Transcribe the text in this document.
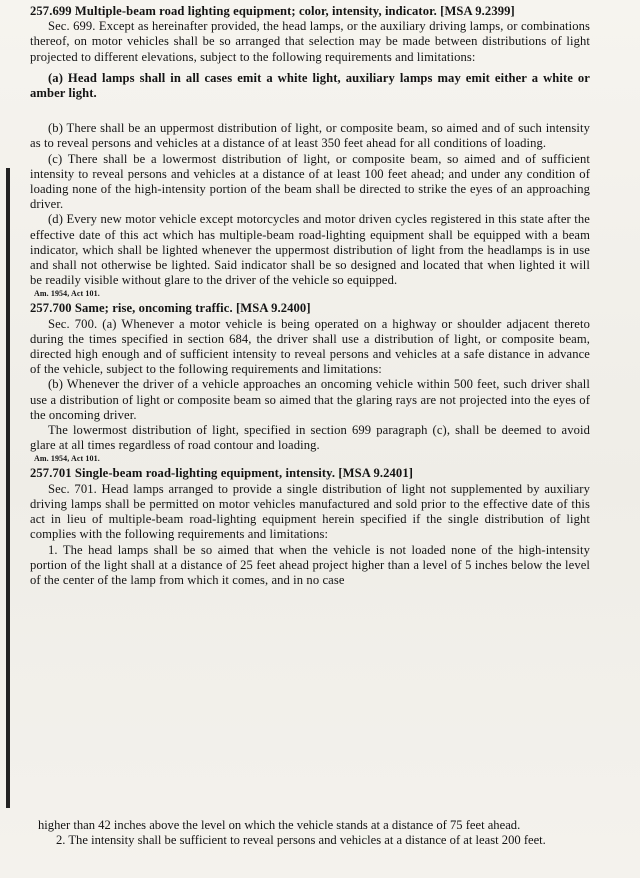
257.699 Multiple-beam road lighting equipment; color, intensity, indicator. [MSA 9.2399]

Sec. 699. Except as hereinafter provided, the head lamps, or the auxiliary driving lamps, or combinations thereof, on motor vehicles shall be so arranged that selection may be made between distributions of light projected to different elevations, subject to the following requirements and limitations:

(a) Head lamps shall in all cases emit a white light, auxiliary lamps may emit either a white or amber light.

(b) There shall be an uppermost distribution of light, or composite beam, so aimed and of such intensity as to reveal persons and vehicles at a distance of at least 350 feet ahead for all conditions of loading.

(c) There shall be a lowermost distribution of light, or composite beam, so aimed and of sufficient intensity to reveal persons and vehicles at a distance of at least 100 feet ahead; and under any condition of loading none of the high-intensity portion of the beam shall be directed to strike the eyes of an approaching driver.

(d) Every new motor vehicle except motorcycles and motor driven cycles registered in this state after the effective date of this act which has multiple-beam road-lighting equipment shall be equipped with a beam indicator, which shall be lighted whenever the uppermost distribution of light from the headlamps is in use and shall not otherwise be lighted. Said indicator shall be so designed and located that when lighted it will be readily visible without glare to the driver of the vehicle so equipped.

Am. 1954, Act 101.

257.700 Same; rise, oncoming traffic. [MSA 9.2400]

Sec. 700. (a) Whenever a motor vehicle is being operated on a highway or shoulder adjacent thereto during the times specified in section 684, the driver shall use a distribution of light, or composite beam, directed high enough and of sufficient intensity to reveal persons and vehicles at a safe distance in advance of the vehicle, subject to the following requirements and limitations:

(b) Whenever the driver of a vehicle approaches an oncoming vehicle within 500 feet, such driver shall use a distribution of light or composite beam so aimed that the glaring rays are not projected into the eyes of the oncoming driver.

The lowermost distribution of light, specified in section 699 paragraph (c), shall be deemed to avoid glare at all times regardless of road contour and loading.

Am. 1954, Act 101.

257.701 Single-beam road-lighting equipment, intensity. [MSA 9.2401]

Sec. 701. Head lamps arranged to provide a single distribution of light not supplemented by auxiliary driving lamps shall be permitted on motor vehicles manufactured and sold prior to the effective date of this act in lieu of multiple-beam road-lighting equipment herein specified if the single distribution of light complies with the following requirements and limitations:

1. The head lamps shall be so aimed that when the vehicle is not loaded none of the high-intensity portion of the light shall at a distance of 25 feet ahead project higher than a level of 5 inches below the level of the center of the lamp from which it comes, and in no case

higher than 42 inches above the level on which the vehicle stands at a distance of 75 feet ahead.

2. The intensity shall be sufficient to reveal persons and vehicles at a distance of at least 200 feet.
